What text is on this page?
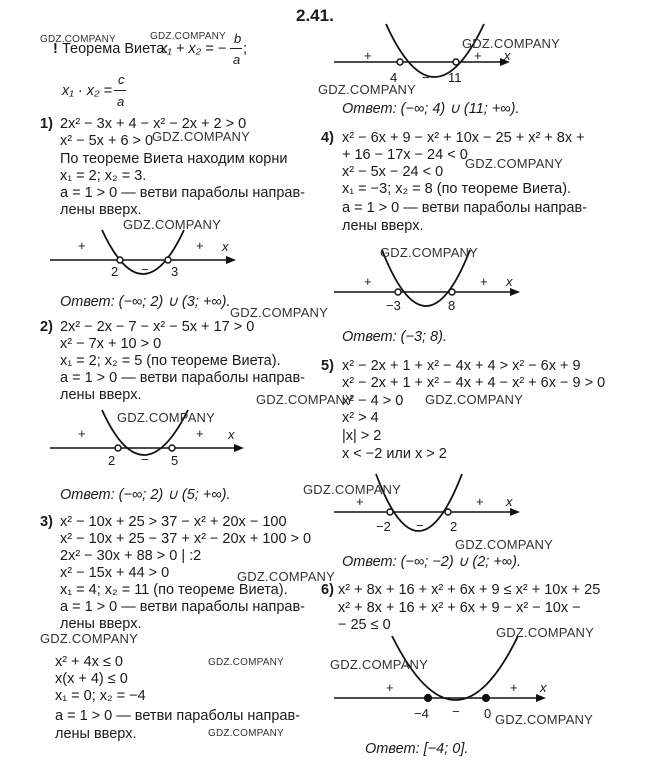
2.41.
! Теорема Виета:
x₁ + x₂ = −
b
a
;
x₁ · x₂ =
c
a
1) 2x² − 3x + 4 − x² − 2x + 2 > 0
x² − 5x + 6 > 0
По теореме Виета находим корни
x₁ = 2; x₂ = 3.
a = 1 > 0 — ветви параболы направ-
лены вверх.
+
−
+ x
2	3
Ответ: (−∞; 2) ∪ (3; +∞).
2) 2x² − 2x − 7 − x² − 5x + 17 > 0
x² − 7x + 10 > 0
x₁ = 2; x₂ = 5 (по теореме Виета).
a = 1 > 0 — ветви параболы направ-
лены вверх.
+
−
+ x
2	5
Ответ: (−∞; 2) ∪ (5; +∞).
3) x² − 10x + 25 > 37 − x² + 20x − 100
x² − 10x + 25 − 37 + x² − 20x + 100 > 0
2x² − 30x + 88 > 0 | :2
x² − 15x + 44 > 0
x₁ = 4; x₂ = 11 (по теореме Виета).
a = 1 > 0 — ветви параболы направ-
лены вверх.
x² + 4x ≤ 0
x(x + 4) ≤ 0
x₁ = 0; x₂ = −4
a = 1 > 0 — ветви параболы направ-
лены вверх.
+
−
+ x
4	11
Ответ: (−∞; 4) ∪ (11; +∞).
4) x² − 6x + 9 − x² + 10x − 25 + x² + 8x +
+ 16 − 17x − 24 < 0
x² − 5x − 24 < 0
x₁ = −3; x₂ = 8 (по теореме Виета).
a = 1 > 0 — ветви параболы направ-
лены вверх.
+
−
+ x
−3	8
Ответ: (−3; 8).
5) x² − 2x + 1 + x² − 4x + 4 > x² − 6x + 9
x² − 2x + 1 + x² − 4x + 4 − x² + 6x − 9 > 0
x² − 4 > 0
x² > 4
|x| > 2
x < −2 или x > 2
+
−
+ x
−2	2
Ответ: (−∞; −2) ∪ (2; +∞).
6) x² + 8x + 16 + x² + 6x + 9 ≤ x² + 10x + 25
x² + 8x + 16 + x² + 6x + 9 − x² − 10x −
− 25 ≤ 0
+
−
+ x
−4	0
Ответ: [−4; 0].
GDZ.COMPANY	GDZ.COMPANY	GDZ.COMPANY
GDZ.COMPANY
GDZ.COMPANY
GDZ.COMPANY
GDZ.COMPANY
GDZ.COMPANY
GDZ.COMPANY
GDZ.COMPANY	GDZ.COMPANY
GDZ.COMPANY
GDZ.COMPANY
GDZ.COMPANY
GDZ.COMPANY
GDZ.COMPANY	GDZ.COMPANY
GDZ.COMPANY	GDZ.COMPANY
GDZ.COMPANY
GDZ.COMPANY
